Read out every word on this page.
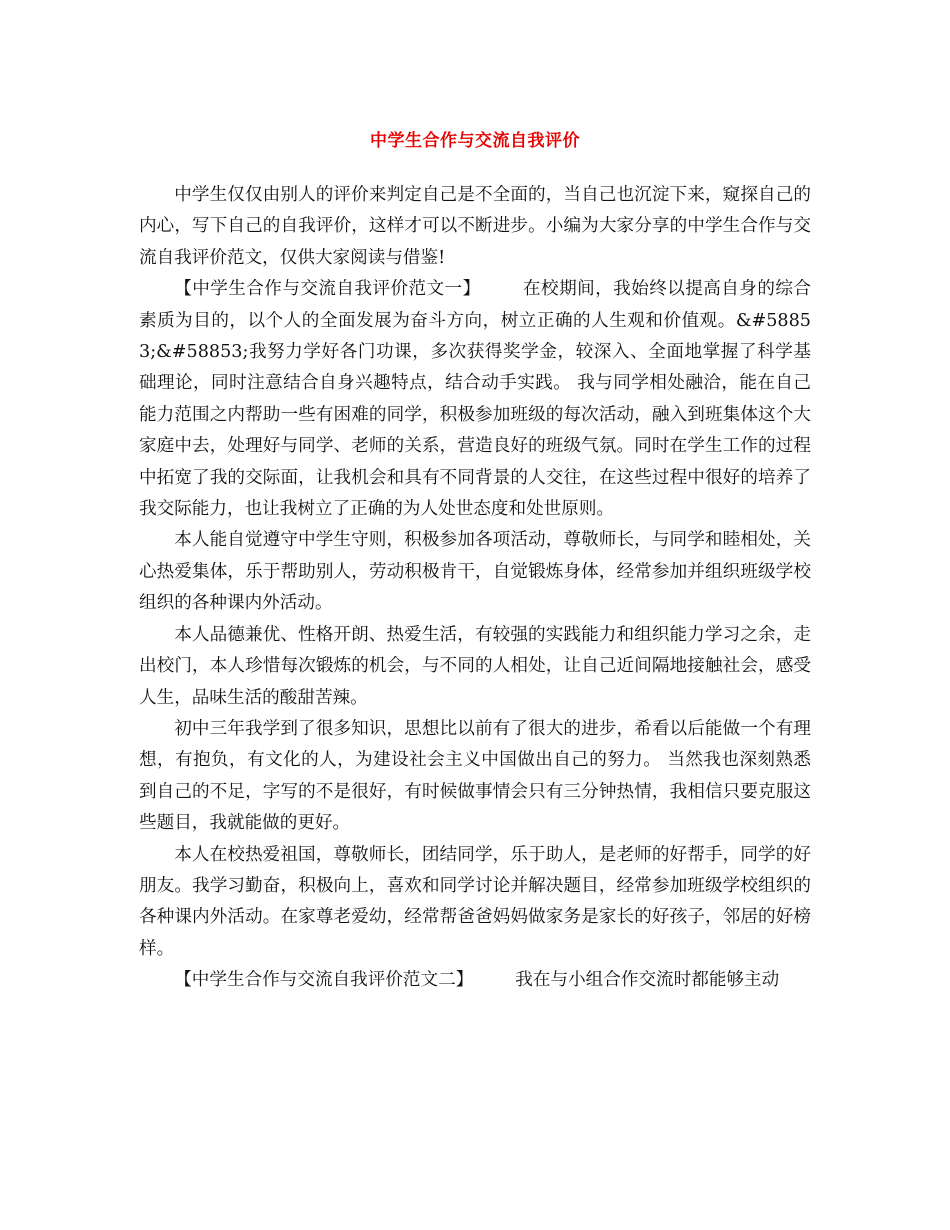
中学生合作与交流自我评价

中学生仅仅由别人的评价来判定自己是不全面的，当自己也沉淀下来，窥探自己的内心，写下自己的自我评价，这样才可以不断进步。小编为大家分享的中学生合作与交流自我评价范文，仅供大家阅读与借鉴!

【中学生合作与交流自我评价范文一】 在校期间，我始终以提高自身的综合素质为目的，以个人的全面发展为奋斗方向，树立正确的人生观和价值观。&#58853;&#58853;我努力学好各门功课，多次获得奖学金，较深入、全面地掌握了科学基础理论，同时注意结合自身兴趣特点，结合动手实践。 我与同学相处融洽，能在自己能力范围之内帮助一些有困难的同学，积极参加班级的每次活动，融入到班集体这个大家庭中去，处理好与同学、老师的关系，营造良好的班级气氛。同时在学生工作的过程中拓宽了我的交际面，让我机会和具有不同背景的人交往，在这些过程中很好的培养了我交际能力，也让我树立了正确的为人处世态度和处世原则。

本人能自觉遵守中学生守则，积极参加各项活动，尊敬师长，与同学和睦相处，关心热爱集体，乐于帮助别人，劳动积极肯干，自觉锻炼身体，经常参加并组织班级学校组织的各种课内外活动。

本人品德兼优、性格开朗、热爱生活，有较强的实践能力和组织能力学习之余，走出校门，本人珍惜每次锻炼的机会，与不同的人相处，让自己近间隔地接触社会，感受人生，品味生活的酸甜苦辣。

初中三年我学到了很多知识，思想比以前有了很大的进步，希看以后能做一个有理想，有抱负，有文化的人，为建设社会主义中国做出自己的努力。 当然我也深刻熟悉到自己的不足，字写的不是很好，有时候做事情会只有三分钟热情，我相信只要克服这些题目，我就能做的更好。

本人在校热爱祖国，尊敬师长，团结同学，乐于助人，是老师的好帮手，同学的好朋友。我学习勤奋，积极向上，喜欢和同学讨论并解决题目，经常参加班级学校组织的各种课内外活动。在家尊老爱幼，经常帮爸爸妈妈做家务是家长的好孩子，邻居的好榜样。

【中学生合作与交流自我评价范文二】 我在与小组合作交流时都能够主动
